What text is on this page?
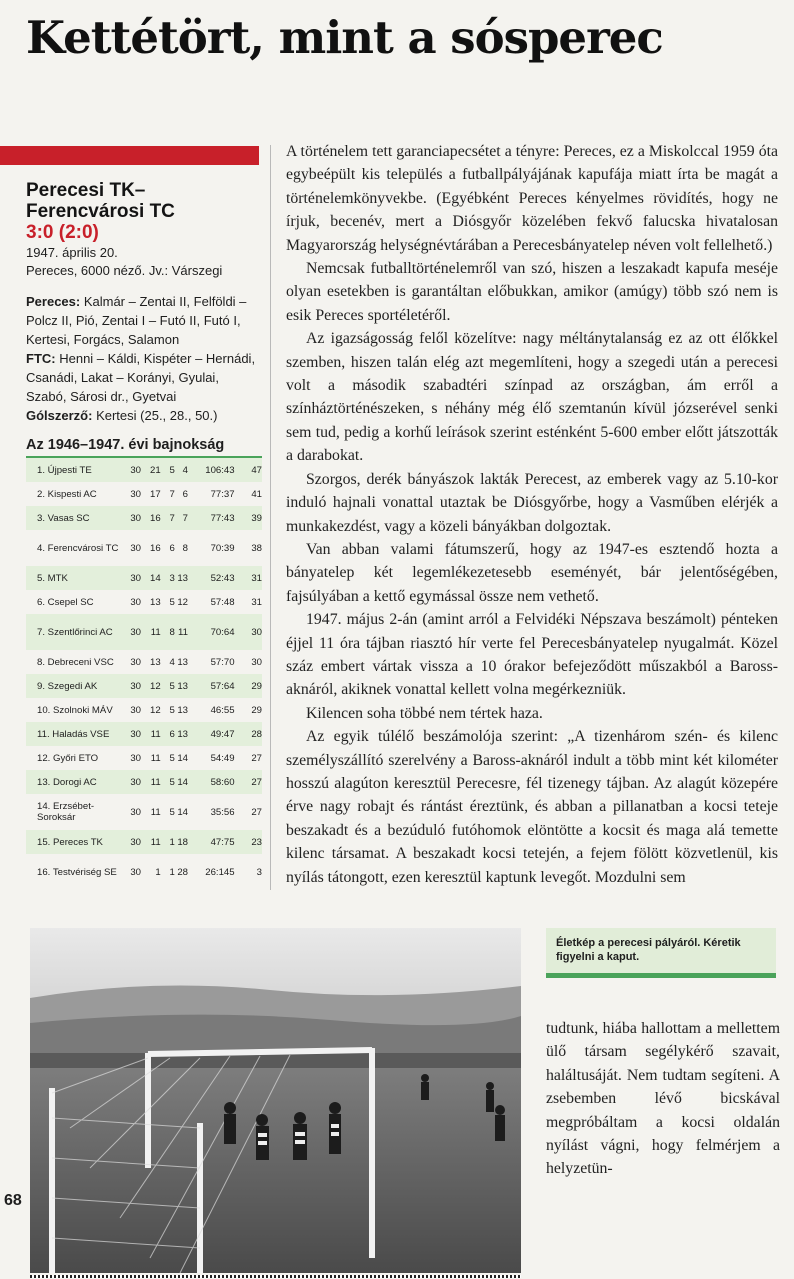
Kettétört, mint a sósperec
Perecesi TK–
Ferencvárosi TC
3:0 (2:0)
1947. április 20.
Pereces, 6000 néző. Jv.: Várszegi
Pereces: Kalmár – Zentai II, Felföldi – Polcz II, Pió, Zentai I – Futó II, Futó I, Kertesi, Forgács, Salamon
FTC: Henni – Káldi, Kispéter – Hernádi, Csanádi, Lakat – Korányi, Gyulai, Szabó, Sárosi dr., Gyetvai
Gólszerző: Kertesi (25., 28., 50.)
Az 1946–1947. évi bajnokság
1. Újpesti TE	30	21	5	4	106:43	47
2. Kispesti AC	30	17	7	6	77:37	41
3. Vasas SC	30	16	7	7	77:43	39
4. Ferencvárosi TC	30	16	6	8	70:39	38
5. MTK	30	14	3	13	52:43	31
6. Csepel SC	30	13	5	12	57:48	31
7. Szentlőrinci AC	30	11	8	11	70:64	30
8. Debreceni VSC	30	13	4	13	57:70	30
9. Szegedi AK	30	12	5	13	57:64	29
10. Szolnoki MÁV	30	12	5	13	46:55	29
11. Haladás VSE	30	11	6	13	49:47	28
12. Győri ETO	30	11	5	14	54:49	27
13. Dorogi AC	30	11	5	14	58:60	27
14. Erzsébet-Soroksár	30	11	5	14	35:56	27
15. Pereces TK	30	11	1	18	47:75	23
16. Testvériség SE	30	1	1	28	26:145	3

A történelem tett garanciapecsétet a tényre: Pereces, ez a Miskolccal 1959 óta egybeépült kis település a futballpályájának kapufája miatt írta be magát a történelemkönyvekbe. (Egyébként Pereces kényelmes rövidítés, hogy ne írjuk, becenév, mert a Diósgyőr közelében fekvő falucska hivatalosan Magyarország helységnévtárában a Perecesbányatelep néven volt fellelhető.)

Nemcsak futballtörténelemről van szó, hiszen a leszakadt kapufa meséje olyan esetekben is garantáltan előbukkan, amikor (amúgy) több szó nem is esik Pereces sportéletéről.

Az igazságosság felől közelítve: nagy méltánytalanság ez az ott élőkkel szemben, hiszen talán elég azt megemlíteni, hogy a szegedi után a perecesi volt a második szabadtéri színpad az országban, ám erről a színháztörténészeken, s néhány még élő szemtanún kívül józserével senki sem tud, pedig a korhű leírások szerint esténként 5-600 ember előtt játszották a darabokat.

Szorgos, derék bányászok lakták Perecest, az emberek vagy az 5.10-kor induló hajnali vonattal utaztak be Diósgyőrbe, hogy a Vasműben elérjék a munkakezdést, vagy a közeli bányákban dolgoztak.

Van abban valami fátumszerű, hogy az 1947-es esztendő hozta a bányatelep két legemlékezetesebb eseményét, bár jelentőségében, fajsúlyában a kettő egymással össze nem vethető.

1947. május 2-án (amint arról a Felvidéki Népszava beszámolt) pénteken éjjel 11 óra tájban riasztó hír verte fel Perecesbányatelep nyugalmát. Közel száz embert vártak vissza a 10 órakor befejeződött műszakból a Baross-aknáról, akiknek vonattal kellett volna megérkezniük.

Kilencen soha többé nem tértek haza.

Az egyik túlélő beszámolója szerint: „A tizenhárom szén- és kilenc személyszállító szerelvény a Baross-aknáról indult a több mint két kilométer hosszú alagúton keresztül Perecesre, fél tizenegy tájban. Az alagút közepére érve nagy robajt és rántást éreztünk, és abban a pillanatban a kocsi teteje beszakadt és a bezúduló futóhomok elöntötte a kocsit és maga alá temette kilenc társamat. A beszakadt kocsi tetején, a fejem fölött közvetlenül, kis nyílás tátongott, ezen keresztül kaptunk levegőt. Mozdulni sem

Életkép a perecesi pályáról. Kéretik figyelni a kaput.

tudtunk, hiába hallottam a mellettem ülő társam segélykérő szavait, haláltusáját. Nem tudtam segíteni. A zsebemben lévő bicskával megpróbáltam a kocsi oldalán nyílást vágni, hogy felmérjem a helyzetün-

68
